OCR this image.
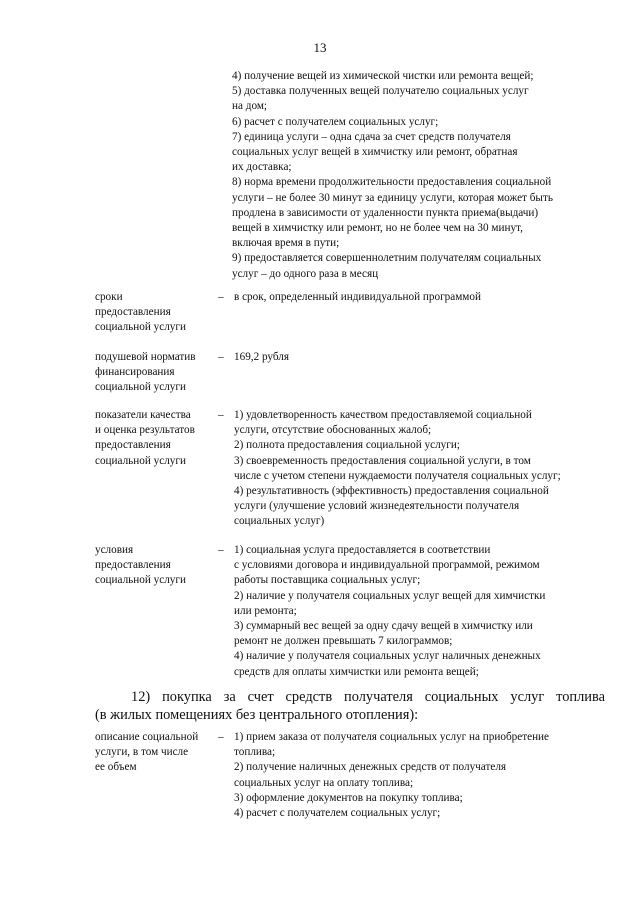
13
4) получение вещей из химической чистки или ремонта вещей;
5) доставка полученных вещей получателю социальных услуг
на дом;
6) расчет с получателем социальных услуг;
7) единица услуги – одна сдача за счет средств получателя
социальных услуг вещей в химчистку или ремонт, обратная
их доставка;
8) норма времени продолжительности предоставления социальной
услуги – не более 30 минут за единицу услуги, которая может быть
продлена в зависимости от удаленности пункта приема(выдачи)
вещей в химчистку или ремонт, но не более чем на 30 минут,
включая время в пути;
9) предоставляется совершеннолетним получателям социальных
услуг – до одного раза в месяц
сроки
предоставления
социальной услуги
– в срок, определенный индивидуальной программой
подушевой норматив
финансирования
социальной услуги
– 169,2 рубля
показатели качества
и оценка результатов
предоставления
социальной услуги
– 1) удовлетворенность качеством предоставляемой социальной
услуги, отсутствие обоснованных жалоб;
2) полнота предоставления социальной услуги;
3) своевременность предоставления социальной услуги, в том
числе с учетом степени нуждаемости получателя социальных услуг;
4) результативность (эффективность) предоставления социальной
услуги (улучшение условий жизнедеятельности получателя
социальных услуг)
условия
предоставления
социальной услуги
– 1) социальная услуга предоставляется в соответствии
с условиями договора и индивидуальной программой, режимом
работы поставщика социальных услуг;
2) наличие у получателя социальных услуг вещей для химчистки
или ремонта;
3) суммарный вес вещей за одну сдачу вещей в химчистку или
ремонт не должен превышать 7 килограммов;
4) наличие у получателя социальных услуг наличных денежных
средств для оплаты химчистки или ремонта вещей;
12) покупка за счет средств получателя социальных услуг топлива
(в жилых помещениях без центрального отопления):
описание социальной
услуги, в том числе
ее объем
– 1) прием заказа от получателя социальных услуг на приобретение
топлива;
2) получение наличных денежных средств от получателя
социальных услуг на оплату топлива;
3) оформление документов на покупку топлива;
4) расчет с получателем социальных услуг;
